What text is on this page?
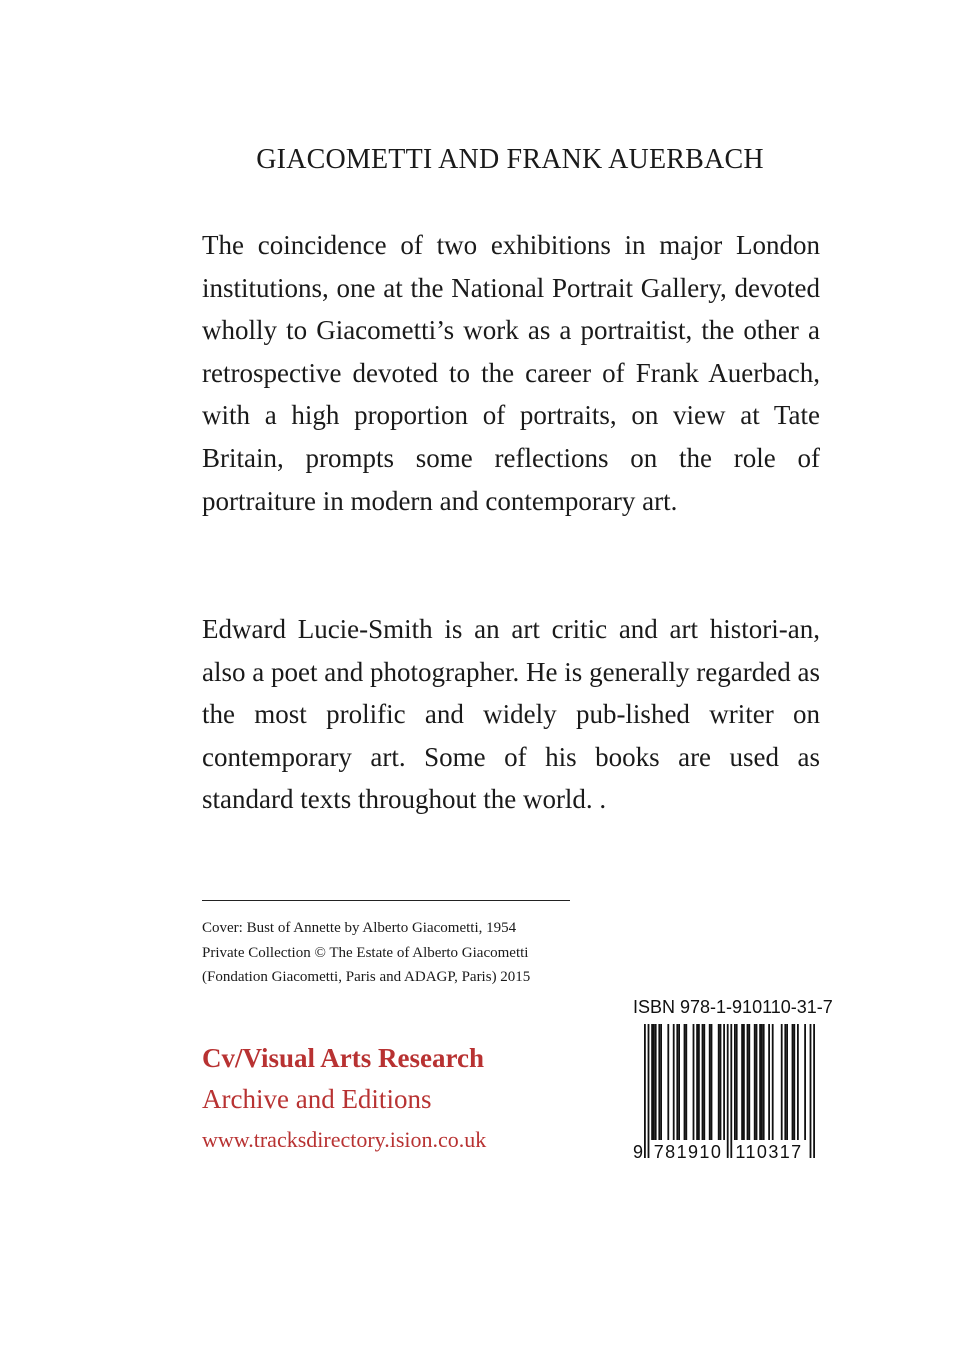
GIACOMETTI AND FRANK AUERBACH

The coincidence of two exhibitions in major London institutions, one at the National Portrait Gallery, devoted wholly to Giacometti’s work as a portraitist, the other a retrospective devoted to the career of Frank Auerbach, with a high proportion of portraits, on view at Tate Britain, prompts some reflections on the role of portraiture in modern and contemporary art.

Edward Lucie-Smith is an art critic and art histori-an, also a poet and photographer. He is generally regarded as the most prolific and widely pub-lished writer on contemporary art. Some of his books are used as standard texts throughout the world. .

Cover: Bust of Annette by Alberto Giacometti, 1954
Private Collection © The Estate of Alberto Giacometti
(Fondation Giacometti, Paris and ADAGP, Paris) 2015
Cv/Visual Arts Research
Archive and Editions
www.tracksdirectory.ision.co.uk
ISBN 978-1-910110-31-7
9 781910 110317
